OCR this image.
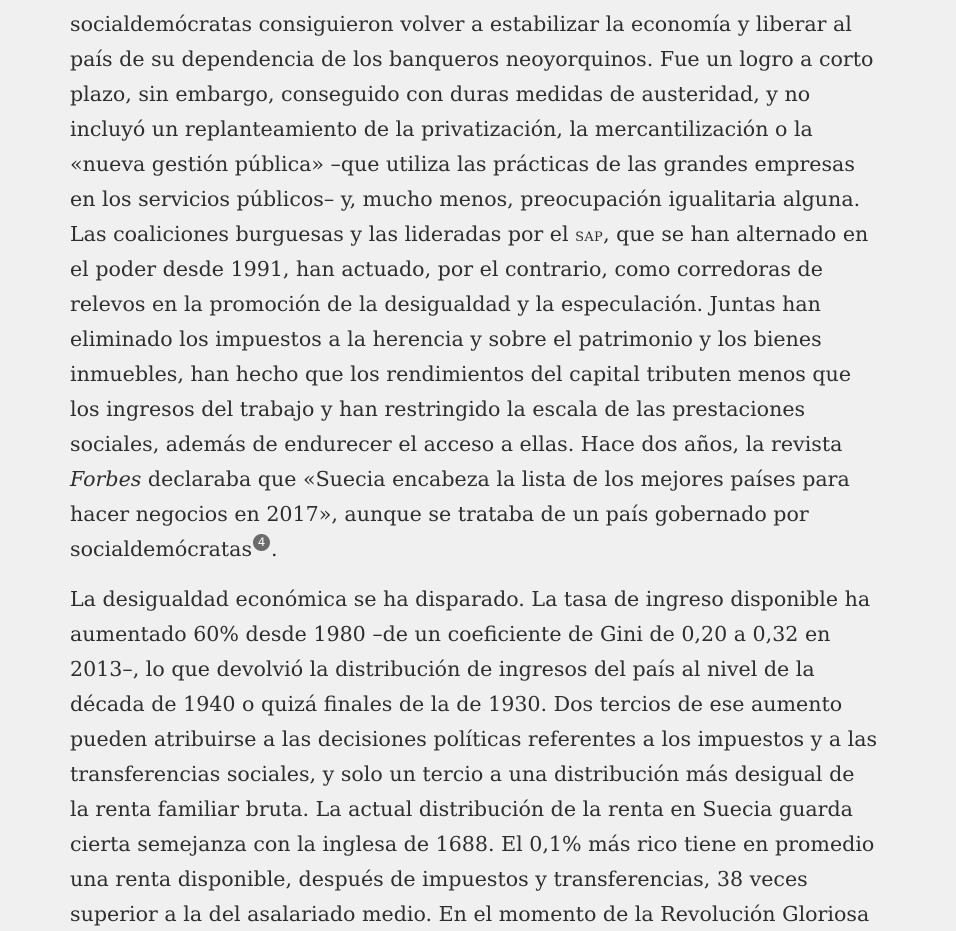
socialdemócratas consiguieron volver a estabilizar la economía y liberar al
país de su dependencia de los banqueros neoyorquinos. Fue un logro a corto
plazo, sin embargo, conseguido con duras medidas de austeridad, y no
incluyó un replanteamiento de la privatización, la mercantilización o la
«nueva gestión pública» –que utiliza las prácticas de las grandes empresas
en los servicios públicos– y, mucho menos, preocupación igualitaria alguna.
Las coaliciones burguesas y las lideradas por el sap, que se han alternado en
el poder desde 1991, han actuado, por el contrario, como corredoras de
relevos en la promoción de la desigualdad y la especulación. Juntas han
eliminado los impuestos a la herencia y sobre el patrimonio y los bienes
inmuebles, han hecho que los rendimientos del capital tributen menos que
los ingresos del trabajo y han restringido la escala de las prestaciones
sociales, además de endurecer el acceso a ellas. Hace dos años, la revista
Forbes declaraba que «Suecia encabeza la lista de los mejores países para
hacer negocios en 2017», aunque se trataba de un país gobernado por
socialdemócratas 4 .

La desigualdad económica se ha disparado. La tasa de ingreso disponible ha
aumentado 60% desde 1980 –de un coeficiente de Gini de 0,20 a 0,32 en
2013–, lo que devolvió la distribución de ingresos del país al nivel de la
década de 1940 o quizá finales de la de 1930. Dos tercios de ese aumento
pueden atribuirse a las decisiones políticas referentes a los impuestos y a las
transferencias sociales, y solo un tercio a una distribución más desigual de
la renta familiar bruta. La actual distribución de la renta en Suecia guarda
cierta semejanza con la inglesa de 1688. El 0,1% más rico tiene en promedio
una renta disponible, después de impuestos y transferencias, 38 veces
superior a la del asalariado medio. En el momento de la Revolución Gloriosa
